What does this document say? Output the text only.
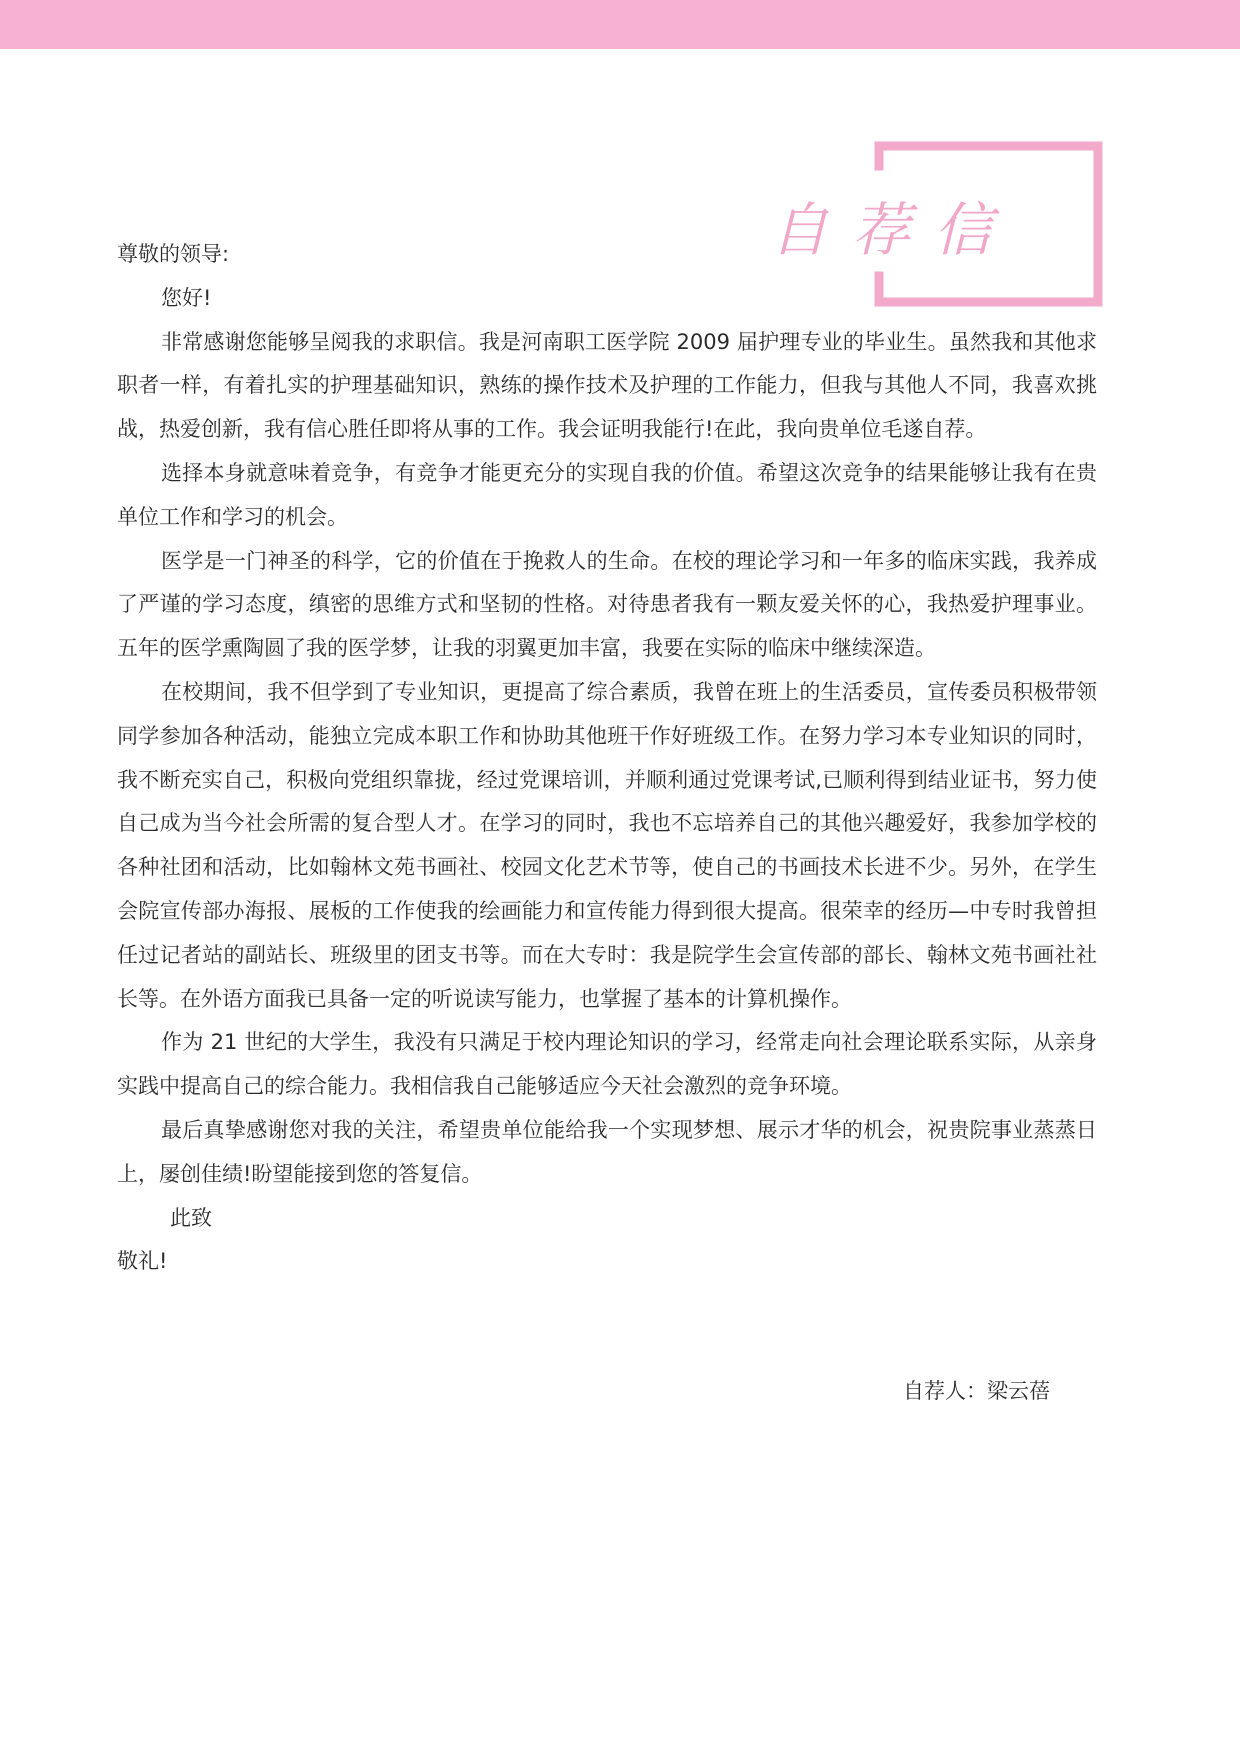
自荐信

尊敬的领导:

您好!

非常感谢您能够呈阅我的求职信。我是河南职工医学院 2009 届护理专业的毕业生。虽然我和其他求职者一样，有着扎实的护理基础知识，熟练的操作技术及护理的工作能力，但我与其他人不同，我喜欢挑战，热爱创新，我有信心胜任即将从事的工作。我会证明我能行!在此，我向贵单位毛遂自荐。

选择本身就意味着竞争，有竞争才能更充分的实现自我的价值。希望这次竞争的结果能够让我有在贵单位工作和学习的机会。

医学是一门神圣的科学，它的价值在于挽救人的生命。在校的理论学习和一年多的临床实践，我养成了严谨的学习态度，缜密的思维方式和坚韧的性格。对待患者我有一颗友爱关怀的心，我热爱护理事业。五年的医学熏陶圆了我的医学梦，让我的羽翼更加丰富，我要在实际的临床中继续深造。

在校期间，我不但学到了专业知识，更提高了综合素质，我曾在班上的生活委员，宣传委员积极带领同学参加各种活动，能独立完成本职工作和协助其他班干作好班级工作。在努力学习本专业知识的同时，我不断充实自己，积极向党组织靠拢，经过党课培训，并顺利通过党课考试,已顺利得到结业证书，努力使自己成为当今社会所需的复合型人才。在学习的同时，我也不忘培养自己的其他兴趣爱好，我参加学校的各种社团和活动，比如翰林文苑书画社、校园文化艺术节等，使自己的书画技术长进不少。另外，在学生会院宣传部办海报、展板的工作使我的绘画能力和宣传能力得到很大提高。很荣幸的经历—中专时我曾担任过记者站的副站长、班级里的团支书等。而在大专时：我是院学生会宣传部的部长、翰林文苑书画社社长等。在外语方面我已具备一定的听说读写能力，也掌握了基本的计算机操作。

作为 21 世纪的大学生，我没有只满足于校内理论知识的学习，经常走向社会理论联系实际，从亲身实践中提高自己的综合能力。我相信我自己能够适应今天社会激烈的竞争环境。

最后真挚感谢您对我的关注，希望贵单位能给我一个实现梦想、展示才华的机会，祝贵院事业蒸蒸日上，屡创佳绩!盼望能接到您的答复信。

此致

敬礼!

自荐人：梁云蓓
